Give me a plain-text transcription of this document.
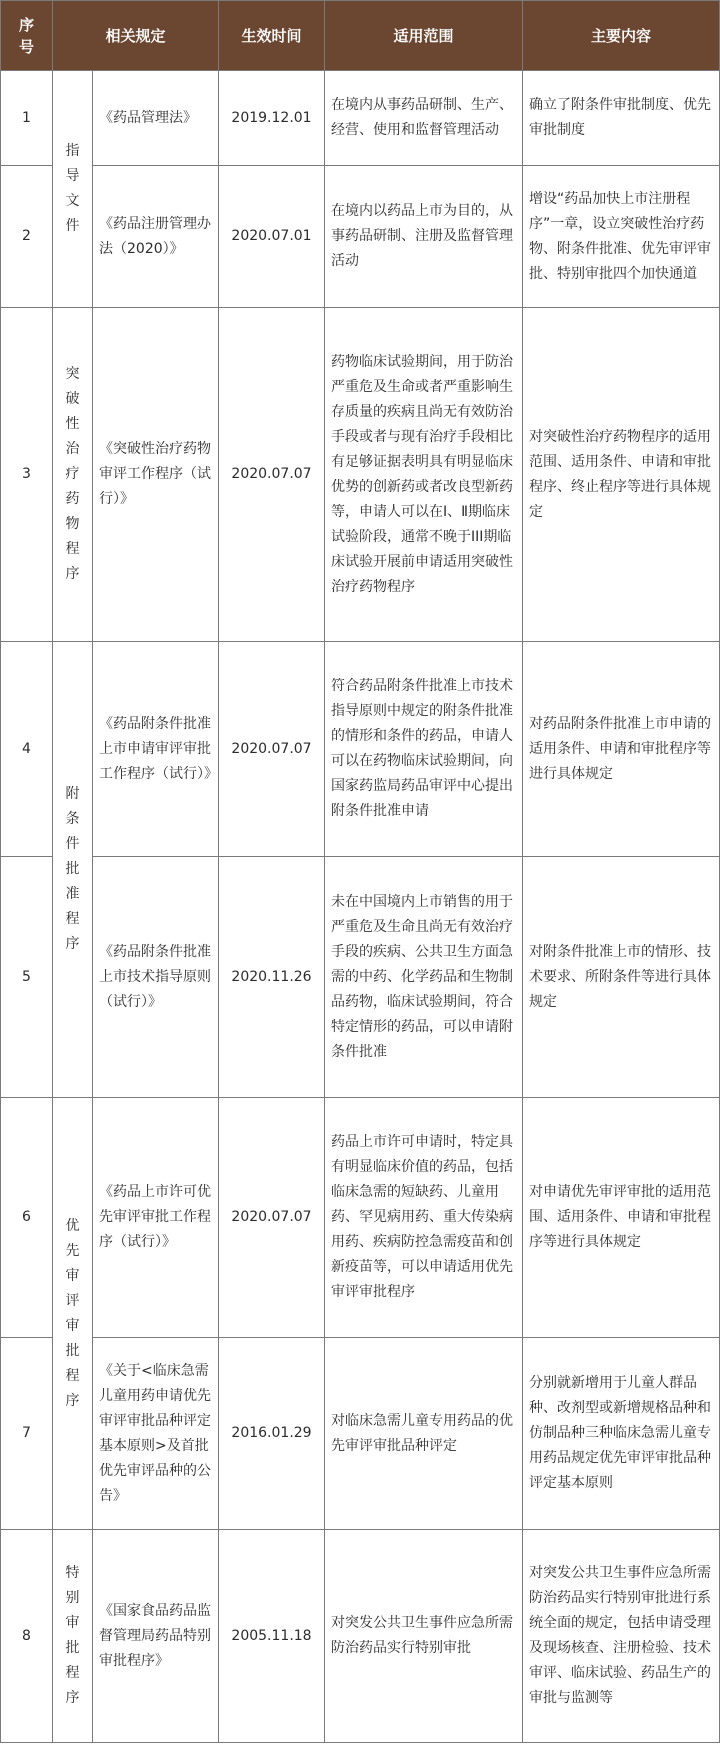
序号	相关规定		生效时间	适用范围	主要内容
1	指导文件	《药品管理法》	2019.12.01	在境内从事药品研制、生产、经营、使用和监督管理活动	确立了附条件审批制度、优先审批制度
2		《药品注册管理办法（2020）》	2020.07.01	在境内以药品上市为目的，从事药品研制、注册及监督管理活动	增设“药品加快上市注册程序”一章，设立突破性治疗药物、附条件批准、优先审评审批、特别审批四个加快通道
3	突破性治疗药物程序	《突破性治疗药物审评工作程序（试行）》	2020.07.07	药物临床试验期间，用于防治严重危及生命或者严重影响生存质量的疾病且尚无有效防治手段或者与现有治疗手段相比有足够证据表明具有明显临床优势的创新药或者改良型新药等，申请人可以在Ⅰ、Ⅱ期临床试验阶段，通常不晚于III期临床试验开展前申请适用突破性治疗药物程序	对突破性治疗药物程序的适用范围、适用条件、申请和审批程序、终止程序等进行具体规定
4	附条件批准程序	《药品附条件批准上市申请审评审批工作程序（试行）》	2020.07.07	符合药品附条件批准上市技术指导原则中规定的附条件批准的情形和条件的药品，申请人可以在药物临床试验期间，向国家药监局药品审评中心提出附条件批准申请	对药品附条件批准上市申请的适用条件、申请和审批程序等进行具体规定
5		《药品附条件批准上市技术指导原则（试行）》	2020.11.26	未在中国境内上市销售的用于严重危及生命且尚无有效治疗手段的疾病、公共卫生方面急需的中药、化学药品和生物制品药物，临床试验期间，符合特定情形的药品，可以申请附条件批准	对附条件批准上市的情形、技术要求、所附条件等进行具体规定
6	优先审评审批程序	《药品上市许可优先审评审批工作程序（试行）》	2020.07.07	药品上市许可申请时，特定具有明显临床价值的药品，包括临床急需的短缺药、儿童用药、罕见病用药、重大传染病用药、疾病防控急需疫苗和创新疫苗等，可以申请适用优先审评审批程序	对申请优先审评审批的适用范围、适用条件、申请和审批程序等进行具体规定
7		《关于<临床急需儿童用药申请优先审评审批品种评定基本原则>及首批优先审评品种的公告》	2016.01.29	对临床急需儿童专用药品的优先审评审批品种评定	分别就新增用于儿童人群品种、改剂型或新增规格品种和仿制品种三种临床急需儿童专用药品规定优先审评审批品种评定基本原则
8	特别审批程序	《国家食品药品监督管理局药品特别审批程序》	2005.11.18	对突发公共卫生事件应急所需防治药品实行特别审批	对突发公共卫生事件应急所需防治药品实行特别审批进行系统全面的规定，包括申请受理及现场核查、注册检验、技术审评、临床试验、药品生产的审批与监测等
